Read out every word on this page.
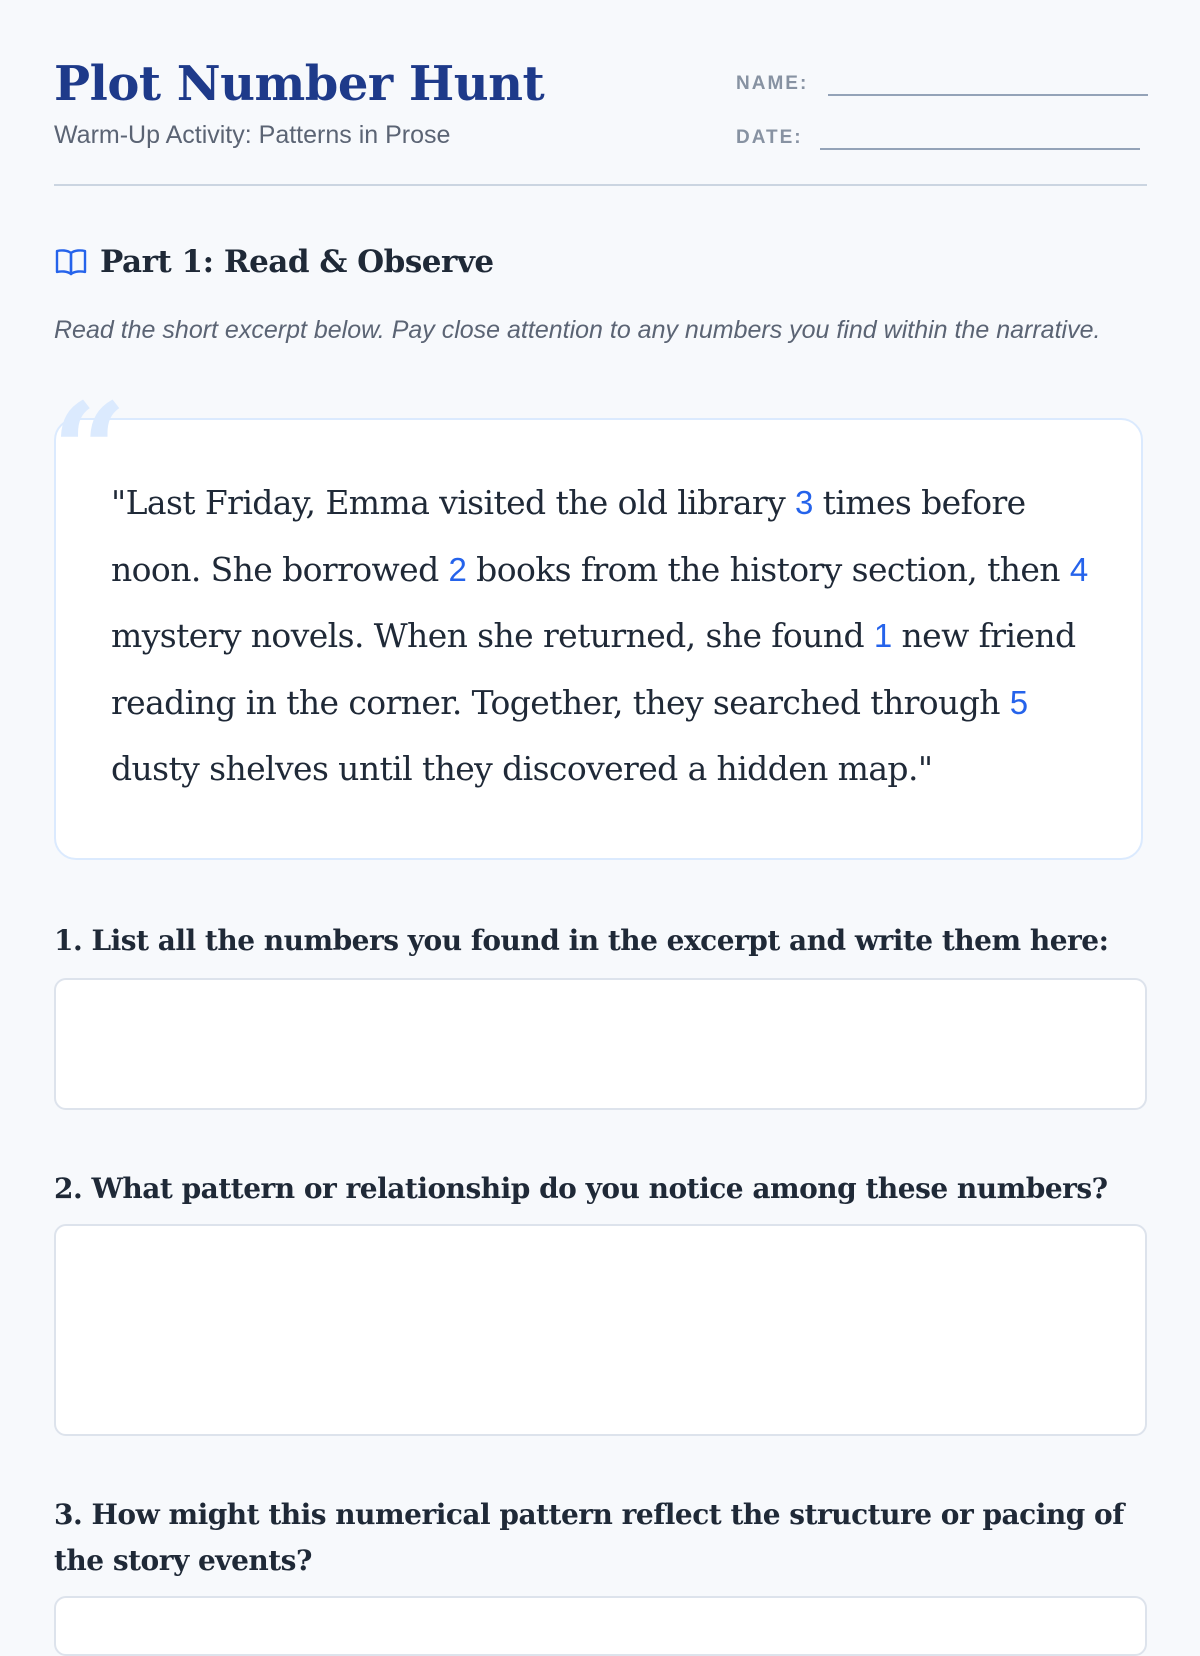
Plot Number Hunt
Warm-Up Activity: Patterns in Prose
NAME:
DATE:
Part 1: Read & Observe
Read the short excerpt below. Pay close attention to any numbers you find within the narrative.
“
"Last Friday, Emma visited the old library 3 times before noon. She borrowed 2 books from the history section, then 4 mystery novels. When she returned, she found 1 new friend reading in the corner. Together, they searched through 5 dusty shelves until they discovered a hidden map."
1. List all the numbers you found in the excerpt and write them here:
2. What pattern or relationship do you notice among these numbers?
3. How might this numerical pattern reflect the structure or pacing of the story events?
